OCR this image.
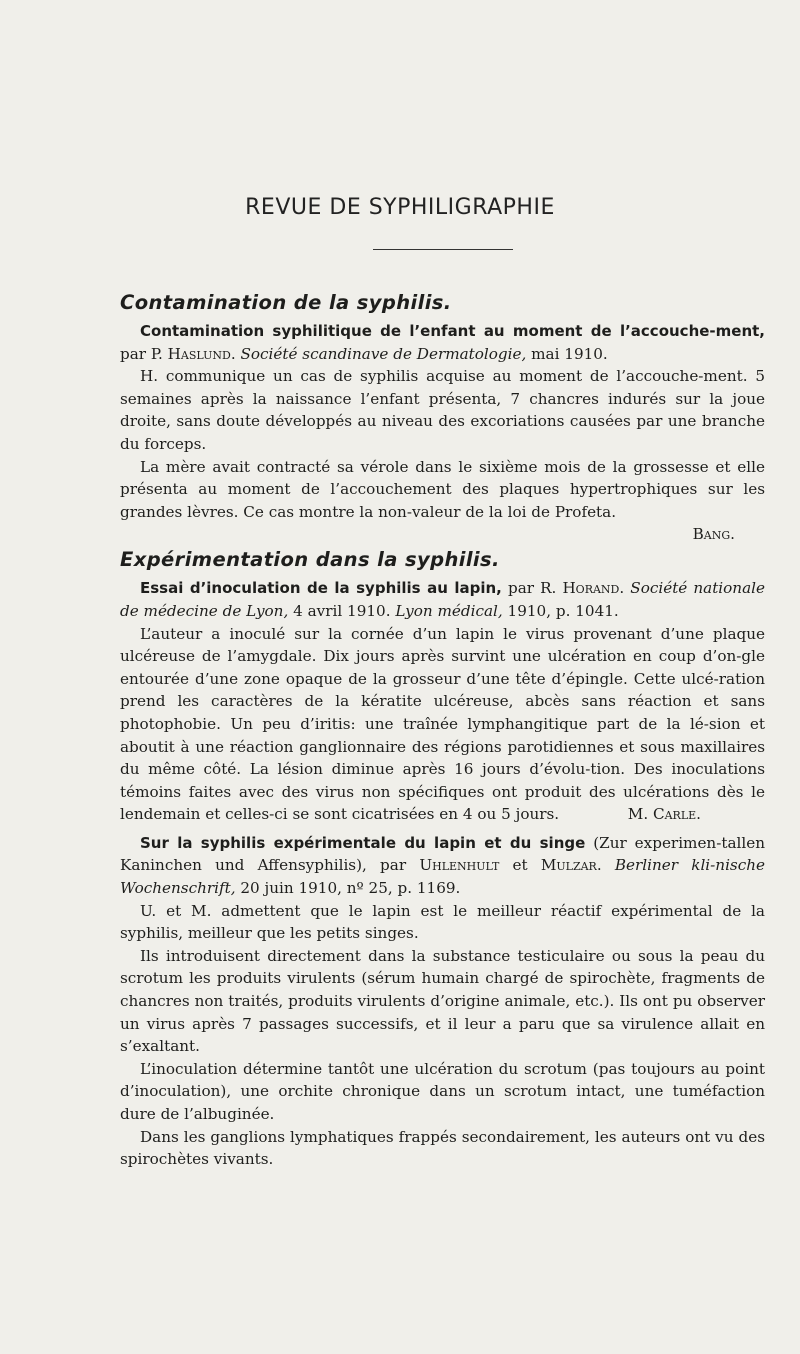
REVUE DE SYPHILIGRAPHIE
Contamination de la syphilis.

Contamination syphilitique de l’enfant au moment de l’accouche-ment, par P. Haslund. Société scandinave de Dermatologie, mai 1910.

H. communique un cas de syphilis acquise au moment de l’accouche-ment. 5 semaines après la naissance l’enfant présenta, 7 chancres indurés sur la joue droite, sans doute développés au niveau des excoriations causées par une branche du forceps.

La mère avait contracté sa vérole dans le sixième mois de la grossesse et elle présenta au moment de l’accouchement des plaques hypertrophiques sur les grandes lèvres. Ce cas montre la non-valeur de la loi de Profeta.

Bang.
Expérimentation dans la syphilis.

Essai d’inoculation de la syphilis au lapin, par R. Horand. Société nationale de médecine de Lyon, 4 avril 1910. Lyon médical, 1910, p. 1041.

L’auteur a inoculé sur la cornée d’un lapin le virus provenant d’une plaque ulcéreuse de l’amygdale. Dix jours après survint une ulcération en coup d’on-gle entourée d’une zone opaque de la grosseur d’une tête d’épingle. Cette ulcé-ration prend les caractères de la kératite ulcéreuse, abcès sans réaction et sans photophobie. Un peu d’iritis: une traînée lymphangitique part de la lé-sion et aboutit à une réaction ganglionnaire des régions parotidiennes et sous maxillaires du même côté. La lésion diminue après 16 jours d’évolu-tion. Des inoculations témoins faites avec des virus non spécifiques ont produit des ulcérations dès le lendemain et celles-ci se sont cicatrisées en 4 ou 5 jours.	M. Carle.

Sur la syphilis expérimentale du lapin et du singe (Zur experimen-tallen Kaninchen und Affensyphilis), par Uhlenhult et Mulzar. Berliner kli-nische Wochenschrift, 20 juin 1910, nº 25, p. 1169.

U. et M. admettent que le lapin est le meilleur réactif expérimental de la syphilis, meilleur que les petits singes.

Ils introduisent directement dans la substance testiculaire ou sous la peau du scrotum les produits virulents (sérum humain chargé de spirochète, fragments de chancres non traités, produits virulents d’origine animale, etc.). Ils ont pu observer un virus après 7 passages successifs, et il leur a paru que sa virulence allait en s’exaltant.

L’inoculation détermine tantôt une ulcération du scrotum (pas toujours au point d’inoculation), une orchite chronique dans un scrotum intact, une tuméfaction dure de l’albuginée.

Dans les ganglions lymphatiques frappés secondairement, les auteurs ont vu des spirochètes vivants.
